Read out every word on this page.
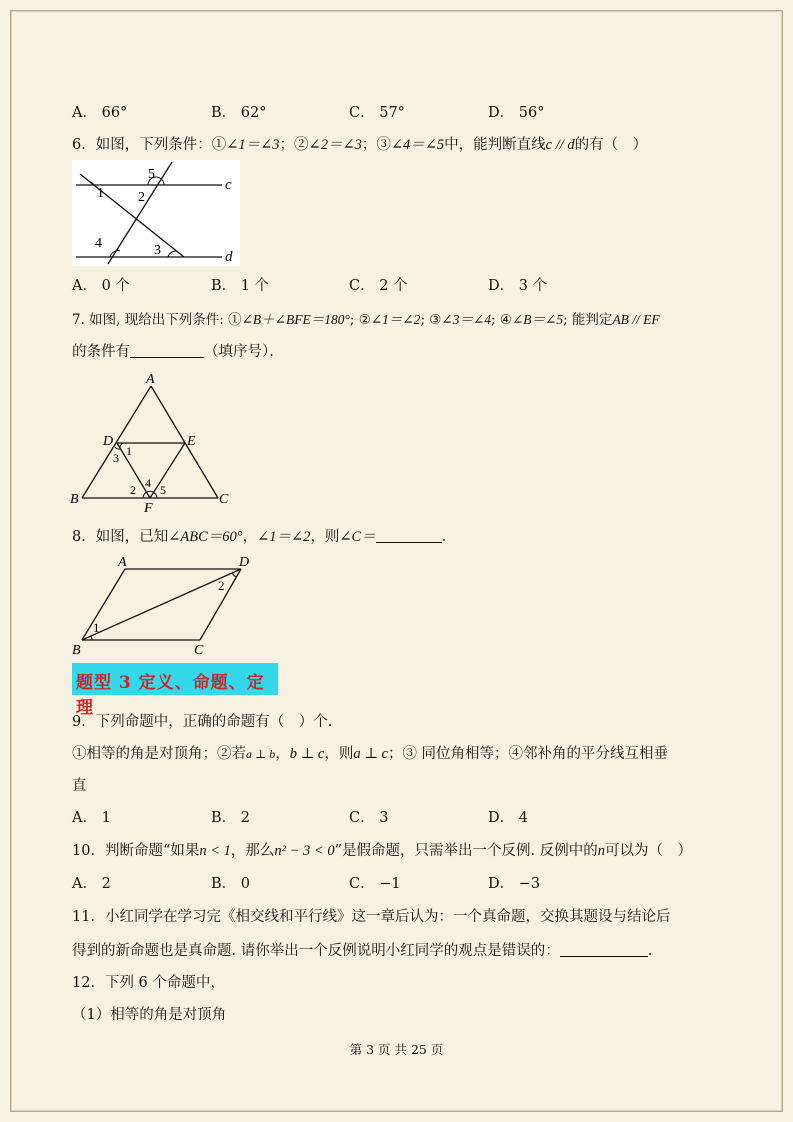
A． 66°	B． 62°	C． 57°	D． 56°
6．如图，下列条件：①∠1＝∠3；②∠2＝∠3；③∠4＝∠5中，能判断直线c // d的有（　）
5
2
1
4	3
c
d
A． 0 个	B． 1 个	C． 2 个	D． 3 个
7. 如图, 现给出下列条件: ①∠B＋∠BFE＝180°; ②∠1＝∠2; ③∠3＝∠4; ④∠B＝∠5; 能判定AB // EF
的条件有	（填序号）．
A
D	E
1
3
B
2 4 5
C
F
8．如图，已知∠ABC＝60°，∠1＝∠2，则∠C＝	．
A	D
2
1
B	C
题型 3 定义、命题、定理
9．下列命题中，正确的命题有（　）个.
①相等的角是对顶角；②若a ⊥ b，b ⊥ c，则a ⊥ c；③ 同位角相等；④邻补角的平分线互相垂
直
A． 1	B． 2	C． 3	D． 4
10．判断命题“如果n < 1，那么n² − 3 < 0”是假命题，只需举出一个反例. 反例中的n可以为（　）
A． 2	B． 0	C． −1	D． −3
11．小红同学在学习完《相交线和平行线》这一章后认为：一个真命题，交换其题设与结论后
得到的新命题也是真命题. 请你举出一个反例说明小红同学的观点是错误的：	.
12．下列 6 个命题中，
（1）相等的角是对顶角
第 3 页 共 25 页
